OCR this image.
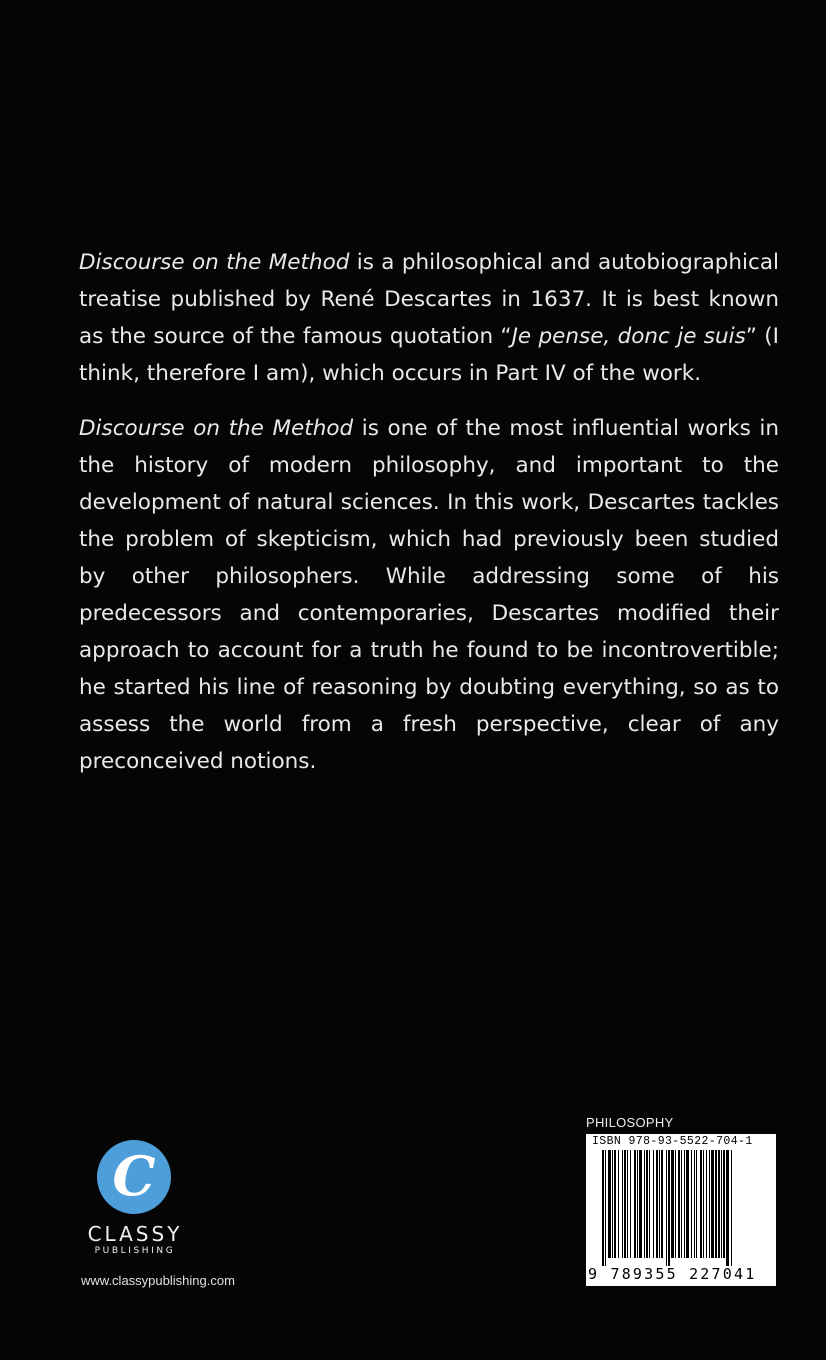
Discourse on the Method is a philosophical and autobiographical treatise published by René Descartes in 1637. It is best known as the source of the famous quotation “Je pense, donc je suis” (I think, therefore I am), which occurs in Part IV of the work.

Discourse on the Method is one of the most influential works in the history of modern philosophy, and important to the development of natural sciences. In this work, Descartes tackles the problem of skepticism, which had previously been studied by other philosophers. While addressing some of his predecessors and contemporaries, Descartes modified their approach to account for a truth he found to be incontrovertible; he started his line of reasoning by doubting everything, so as to assess the world from a fresh perspective, clear of any preconceived notions.

C
CLASSY
PUBLISHING
www.classypublishing.com
PHILOSOPHY
ISBN 978-93-5522-704-1
9 789355 227041
